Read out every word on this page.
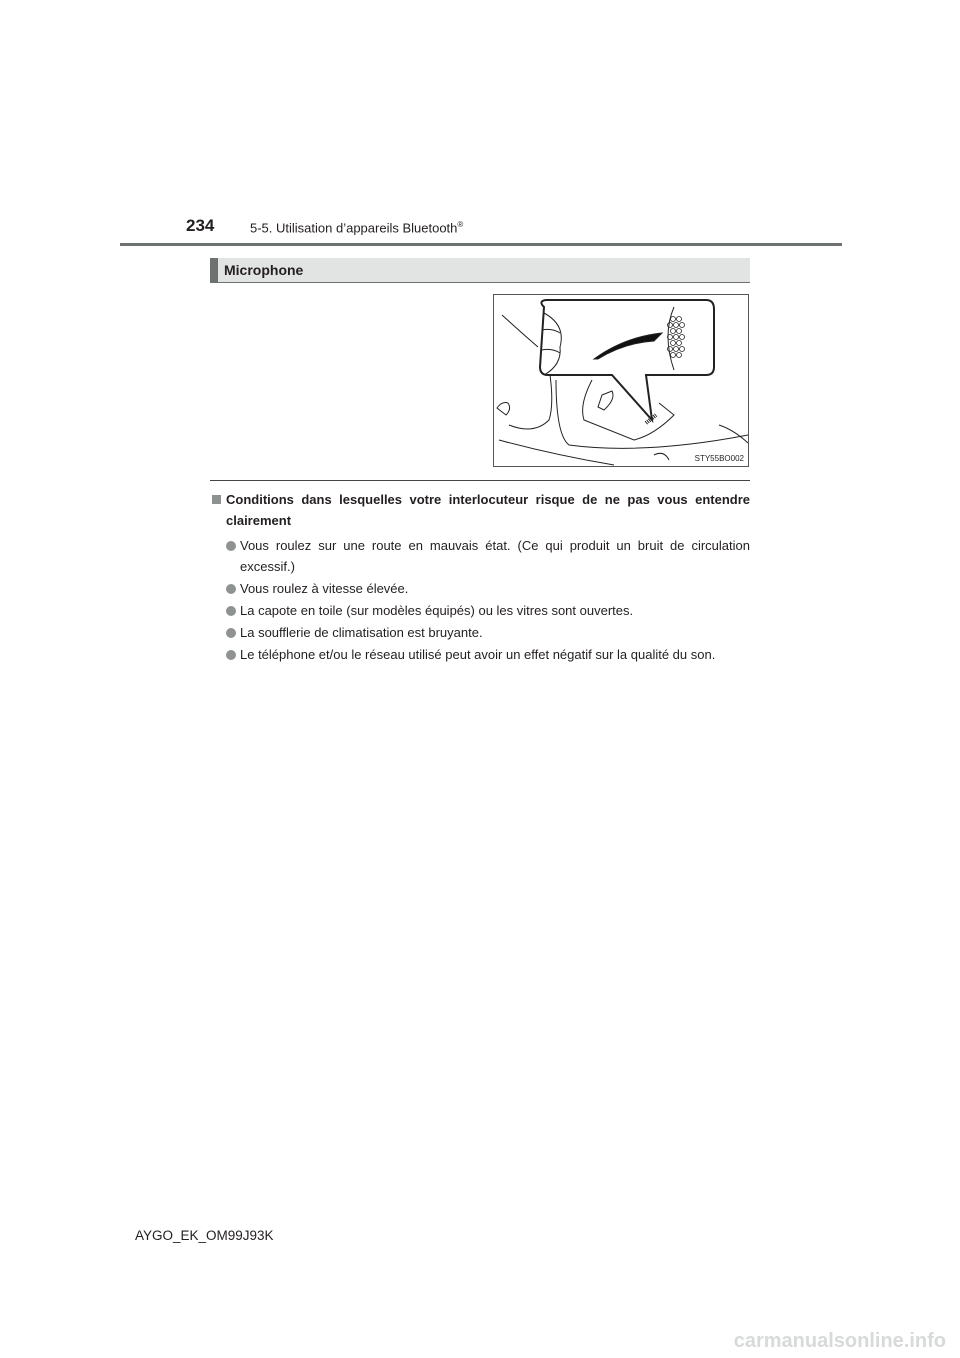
234	5-5. Utilisation d’appareils Bluetooth®
Microphone
STY55BO002
Conditions dans lesquelles votre interlocuteur risque de ne pas vous entendre clairement
Vous roulez sur une route en mauvais état. (Ce qui produit un bruit de circulation excessif.)
Vous roulez à vitesse élevée.
La capote en toile (sur modèles équipés) ou les vitres sont ouvertes.
La soufflerie de climatisation est bruyante.
Le téléphone et/ou le réseau utilisé peut avoir un effet négatif sur la qualité du son.
AYGO_EK_OM99J93K
carmanualsonline.info
